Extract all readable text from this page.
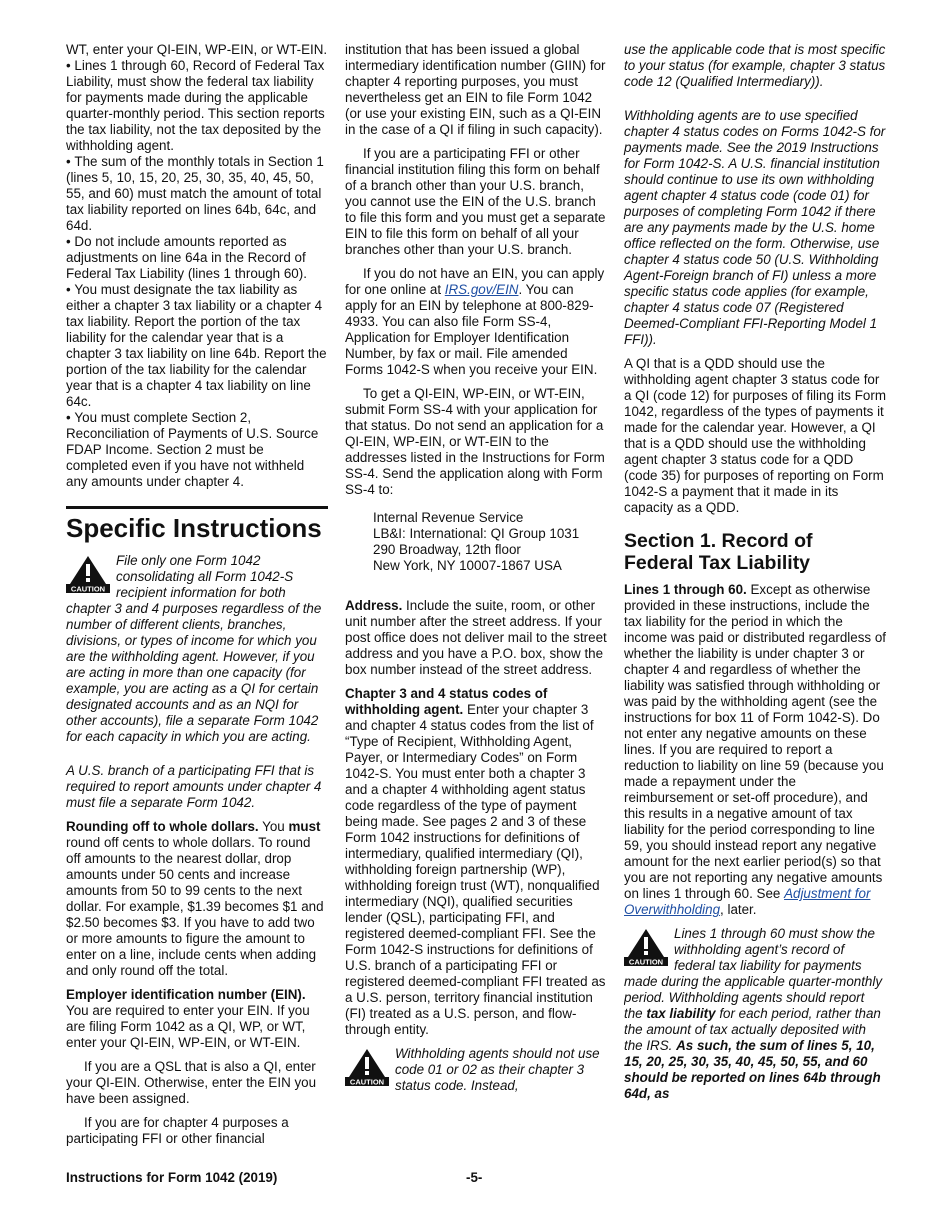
WT, enter your QI-EIN, WP-EIN, or WT-EIN.

• Lines 1 through 60, Record of Federal Tax Liability, must show the federal tax liability for payments made during the applicable quarter-monthly period. This section reports the tax liability, not the tax deposited by the withholding agent.

• The sum of the monthly totals in Section 1 (lines 5, 10, 15, 20, 25, 30, 35, 40, 45, 50, 55, and 60) must match the amount of total tax liability reported on lines 64b, 64c, and 64d.

• Do not include amounts reported as adjustments on line 64a in the Record of Federal Tax Liability (lines 1 through 60).

• You must designate the tax liability as either a chapter 3 tax liability or a chapter 4 tax liability. Report the portion of the tax liability for the calendar year that is a chapter 3 tax liability on line 64b. Report the portion of the tax liability for the calendar year that is a chapter 4 tax liability on line 64c.

• You must complete Section 2, Reconciliation of Payments of U.S. Source FDAP Income. Section 2 must be completed even if you have not withheld any amounts under chapter 4.

Specific Instructions
CAUTION
File only one Form 1042 consolidating all Form 1042-S recipient information for both chapter 3 and 4 purposes regardless of the number of different clients, branches, divisions, or types of income for which you are the withholding agent. However, if you are acting in more than one capacity (for example, you are acting as a QI for certain designated accounts and as an NQI for other accounts), file a separate Form 1042 for each capacity in which you are acting.

A U.S. branch of a participating FFI that is required to report amounts under chapter 4 must file a separate Form 1042.

Rounding off to whole dollars. You must round off cents to whole dollars. To round off amounts to the nearest dollar, drop amounts under 50 cents and increase amounts from 50 to 99 cents to the next dollar. For example, $1.39 becomes $1 and $2.50 becomes $3. If you have to add two or more amounts to figure the amount to enter on a line, include cents when adding and only round off the total.

Employer identification number (EIN). You are required to enter your EIN. If you are filing Form 1042 as a QI, WP, or WT, enter your QI-EIN, WP-EIN, or WT-EIN.

If you are a QSL that is also a QI, enter your QI-EIN. Otherwise, enter the EIN you have been assigned.

If you are for chapter 4 purposes a participating FFI or other financial

institution that has been issued a global intermediary identification number (GIIN) for chapter 4 reporting purposes, you must nevertheless get an EIN to file Form 1042 (or use your existing EIN, such as a QI-EIN in the case of a QI if filing in such capacity).

If you are a participating FFI or other financial institution filing this form on behalf of a branch other than your U.S. branch, you cannot use the EIN of the U.S. branch to file this form and you must get a separate EIN to file this form on behalf of all your branches other than your U.S. branch.

If you do not have an EIN, you can apply for one online at IRS.gov/EIN. You can apply for an EIN by telephone at 800-829-4933. You can also file Form SS-4, Application for Employer Identification Number, by fax or mail. File amended Forms 1042-S when you receive your EIN.

To get a QI-EIN, WP-EIN, or WT-EIN, submit Form SS-4 with your application for that status. Do not send an application for a QI-EIN, WP-EIN, or WT-EIN to the addresses listed in the Instructions for Form SS-4. Send the application along with Form SS-4 to:

Internal Revenue Service
LB&I: International: QI Group 1031
290 Broadway, 12th floor
New York, NY 10007-1867 USA

Address. Include the suite, room, or other unit number after the street address. If your post office does not deliver mail to the street address and you have a P.O. box, show the box number instead of the street address.

Chapter 3 and 4 status codes of withholding agent. Enter your chapter 3 and chapter 4 status codes from the list of “Type of Recipient, Withholding Agent, Payer, or Intermediary Codes” on Form 1042-S. You must enter both a chapter 3 and a chapter 4 withholding agent status code regardless of the type of payment being made. See pages 2 and 3 of these Form 1042 instructions for definitions of intermediary, qualified intermediary (QI), withholding foreign partnership (WP), withholding foreign trust (WT), nonqualified intermediary (NQI), qualified securities lender (QSL), participating FFI, and registered deemed-compliant FFI. See the Form 1042-S instructions for definitions of U.S. branch of a participating FFI or registered deemed-compliant FFI treated as a U.S. person, territory financial institution (FI) treated as a U.S. person, and flow-through entity.

CAUTION
Withholding agents should not use code 01 or 02 as their chapter 3 status code. Instead,

use the applicable code that is most specific to your status (for example, chapter 3 status code 12 (Qualified Intermediary)).

Withholding agents are to use specified chapter 4 status codes on Forms 1042-S for payments made. See the 2019 Instructions for Form 1042-S. A U.S. financial institution should continue to use its own withholding agent chapter 4 status code (code 01) for purposes of completing Form 1042 if there are any payments made by the U.S. home office reflected on the form. Otherwise, use chapter 4 status code 50 (U.S. Withholding Agent-Foreign branch of FI) unless a more specific status code applies (for example, chapter 4 status code 07 (Registered Deemed-Compliant FFI-Reporting Model 1 FFI)).

A QI that is a QDD should use the withholding agent chapter 3 status code for a QI (code 12) for purposes of filing its Form 1042, regardless of the types of payments it made for the calendar year. However, a QI that is a QDD should use the withholding agent chapter 3 status code for a QDD (code 35) for purposes of reporting on Form 1042-S a payment that it made in its capacity as a QDD.

Section 1. Record of Federal Tax Liability

Lines 1 through 60. Except as otherwise provided in these instructions, include the tax liability for the period in which the income was paid or distributed regardless of whether the liability is under chapter 3 or chapter 4 and regardless of whether the liability was satisfied through withholding or was paid by the withholding agent (see the instructions for box 11 of Form 1042-S). Do not enter any negative amounts on these lines. If you are required to report a reduction to liability on line 59 (because you made a repayment under the reimbursement or set-off procedure), and this results in a negative amount of tax liability for the period corresponding to line 59, you should instead report any negative amount for the next earlier period(s) so that you are not reporting any negative amounts on lines 1 through 60. See Adjustment for Overwithholding, later.

CAUTION
Lines 1 through 60 must show the withholding agent’s record of federal tax liability for payments made during the applicable quarter-monthly period. Withholding agents should report the tax liability for each period, rather than the amount of tax actually deposited with the IRS. As such, the sum of lines 5, 10, 15, 20, 25, 30, 35, 40, 45, 50, 55, and 60 should be reported on lines 64b through 64d, as
Instructions for Form 1042 (2019)	-5-
